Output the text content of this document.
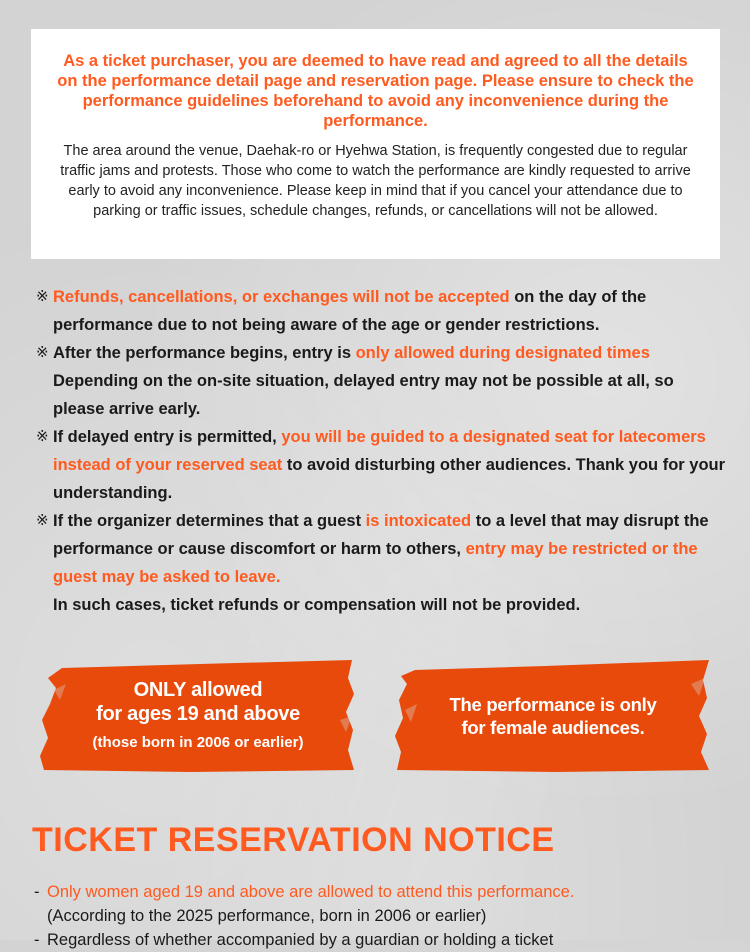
As a ticket purchaser, you are deemed to have read and agreed to all the details on the performance detail page and reservation page. Please ensure to check the performance guidelines beforehand to avoid any inconvenience during the performance.

The area around the venue, Daehak-ro or Hyehwa Station, is frequently congested due to regular traffic jams and protests. Those who come to watch the performance are kindly requested to arrive early to avoid any inconvenience. Please keep in mind that if you cancel your attendance due to parking or traffic issues, schedule changes, refunds, or cancellations will not be allowed.

※ Refunds, cancellations, or exchanges will not be accepted on the day of the performance due to not being aware of the age or gender restrictions.

※ After the performance begins, entry is only allowed during designated times Depending on the on-site situation, delayed entry may not be possible at all, so please arrive early.

※ If delayed entry is permitted, you will be guided to a designated seat for latecomers instead of your reserved seat to avoid disturbing other audiences. Thank you for your understanding.

※ If the organizer determines that a guest is intoxicated to a level that may disrupt the performance or cause discomfort or harm to others, entry may be restricted or the guest may be asked to leave.

In such cases, ticket refunds or compensation will not be provided.

ONLY allowed
for ages 19 and above
(those born in 2006 or earlier)
The performance is only
for female audiences.
TICKET RESERVATION NOTICE

- Only women aged 19 and above are allowed to attend this performance.

(According to the 2025 performance, born in 2006 or earlier)

- Regardless of whether accompanied by a guardian or holding a ticket
